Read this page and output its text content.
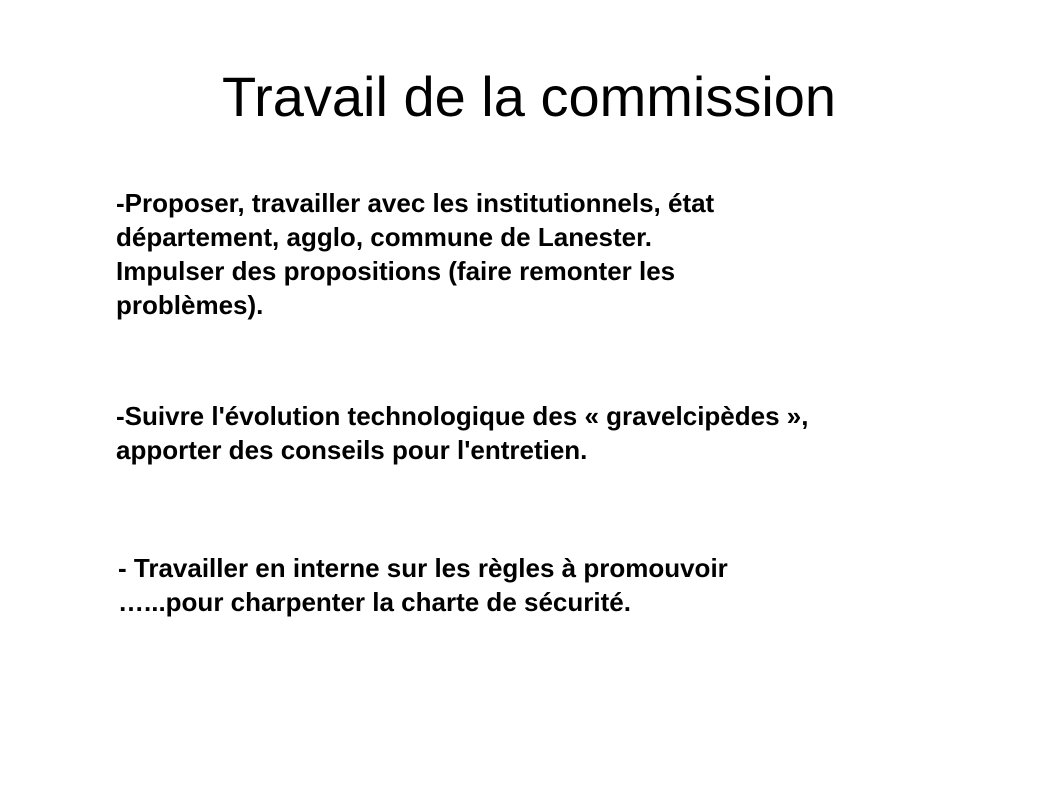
Travail de la commission
-Proposer, travailler avec les institutionnels, état
département, agglo, commune de Lanester.
Impulser des propositions (faire remonter les
problèmes).
-Suivre l'évolution technologique des « gravelcipèdes »,
apporter des conseils pour l'entretien.
- Travailler en interne sur les règles à promouvoir
…...pour charpenter la charte de sécurité.
